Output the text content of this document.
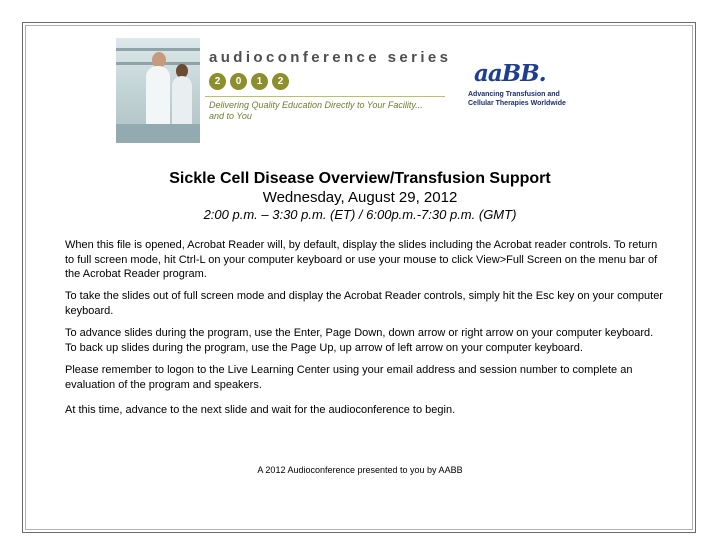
audioconference series
2	0	1	2
Delivering Quality Education Directly to Your Facility... and to You
aaBB.
Advancing Transfusion and
Cellular Therapies Worldwide
Sickle Cell Disease Overview/Transfusion Support
Wednesday, August 29, 2012
2:00 p.m. – 3:30 p.m. (ET) / 6:00p.m.-7:30 p.m. (GMT)
When this file is opened, Acrobat Reader will, by default, display the slides including the Acrobat reader controls. To return to full screen mode, hit Ctrl-L on your computer keyboard or use your mouse to click View>Full Screen on the menu bar of the Acrobat Reader program.
To take the slides out of full screen mode and display the Acrobat Reader controls, simply hit the Esc key on your computer keyboard.
To advance slides during the program, use the Enter, Page Down, down arrow or right arrow on your computer keyboard. To back up slides during the program, use the Page Up, up arrow of left arrow on your computer keyboard.
Please remember to logon to the Live Learning Center using your email address and session number to complete an evaluation of the program and speakers.
At this time, advance to the next slide and wait for the audioconference to begin.
A 2012 Audioconference presented to you by AABB
